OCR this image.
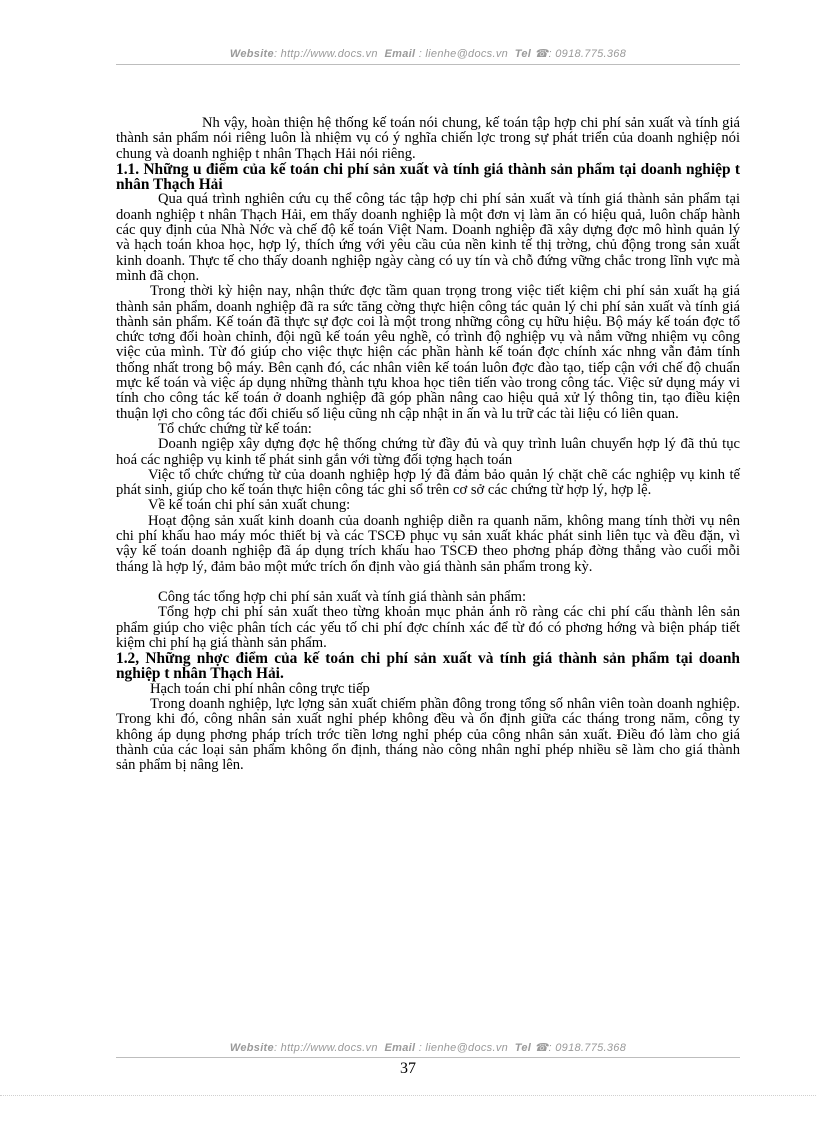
Website: http://www.docs.vn Email : lienhe@docs.vn Tel ☎: 0918.775.368

Nh vậy, hoàn thiện hệ thống kế toán nói chung, kế toán tập hợp chi phí sản xuất và tính giá thành sản phẩm nói riêng luôn là nhiệm vụ có ý nghĩa chiến lợc trong sự phát triển của doanh nghiệp nói chung và doanh nghiệp t nhân Thạch Hải nói riêng.

1.1. Những u điểm của kế toán chi phí sản xuất và tính giá thành sản phẩm tại doanh nghiệp t nhân Thạch Hải

Qua quá trình nghiên cứu cụ thể công tác tập hợp chi phí sản xuất và tính giá thành sản phẩm tại doanh nghiệp t nhân Thạch Hải, em thấy doanh nghiệp là một đơn vị làm ăn có hiệu quả, luôn chấp hành các quy định của Nhà Nớc và chế độ kế toán Việt Nam. Doanh nghiệp đã xây dựng đợc mô hình quản lý và hạch toán khoa học, hợp lý, thích ứng với yêu cầu của nền kinh tế thị trờng, chủ động trong sản xuất kinh doanh. Thực tế cho thấy doanh nghiệp ngày càng có uy tín và chỗ đứng vững chắc trong lĩnh vực mà mình đã chọn.

Trong thời kỳ hiện nay, nhận thức đợc tầm quan trọng trong việc tiết kiệm chi phí sản xuất hạ giá thành sản phẩm, doanh nghiệp đã ra sức tăng cờng thực hiện công tác quản lý chi phí sản xuất và tính giá thành sản phẩm. Kế toán đã thực sự đợc coi là một trong những công cụ hữu hiệu. Bộ máy kế toán đợc tổ chức tơng đối hoàn chỉnh, đội ngũ kế toán yêu nghề, có trình độ nghiệp vụ và nắm vững nhiệm vụ công việc của mình. Từ đó giúp cho việc thực hiện các phần hành kế toán đợc chính xác nhng vẫn đảm tính thống nhất trong bộ máy. Bên cạnh đó, các nhân viên kế toán luôn đợc đào tạo, tiếp cận với chế độ chuẩn mực kế toán và việc áp dụng những thành tựu khoa học tiên tiến vào trong công tác. Việc sử dụng máy vi tính cho công tác kế toán ở doanh nghiệp đã góp phần nâng cao hiệu quả xử lý thông tin, tạo điều kiện thuận lợi cho công tác đối chiếu số liệu cũng nh cập nhật in ấn và lu trữ các tài liệu có liên quan.

Tổ chức chứng từ kế toán:

Doanh ngiệp xây dựng đợc hệ thống chứng từ đầy đủ và quy trình luân chuyển hợp lý đã thủ tục hoá các nghiệp vụ kinh tế phát sinh gắn với từng đối tợng hạch toán

Việc tổ chức chứng từ của doanh nghiệp hợp lý đã đảm bảo quản lý chặt chẽ các nghiệp vụ kinh tế phát sinh, giúp cho kế toán thực hiện công tác ghi sổ trên cơ sở các chứng từ hợp lý, hợp lệ.

Về kế toán chi phí sản xuất chung:

Hoạt động sản xuất kinh doanh của doanh nghiệp diễn ra quanh năm, không mang tính thời vụ nên chi phí khấu hao máy móc thiết bị và các TSCĐ phục vụ sản xuất khác phát sinh liên tục và đều đặn, vì vậy kế toán doanh nghiệp đã áp dụng trích khấu hao TSCĐ theo phơng pháp đờng thẳng vào cuối mỗi tháng là hợp lý, đảm bảo một mức trích ổn định vào giá thành sản phẩm trong kỳ.

Công tác tổng hợp chi phí sản xuất và tính giá thành sản phẩm:

Tổng hợp chi phí sản xuất theo từng khoản mục phản ánh rõ ràng các chi phí cấu thành lên sản phẩm giúp cho việc phân tích các yếu tố chi phí đợc chính xác để từ đó có phơng hớng và biện pháp tiết kiệm chi phí hạ giá thành sản phẩm.

1.2, Những nhợc điểm của kế toán chi phí sản xuất và tính giá thành sản phẩm tại doanh nghiệp t nhân Thạch Hải.

Hạch toán chi phí nhân công trực tiếp

Trong doanh nghiệp, lực lợng sản xuất chiếm phần đông trong tổng số nhân viên toàn doanh nghiệp. Trong khi đó, công nhân sản xuất nghỉ phép không đều và ổn định giữa các tháng trong năm, công ty không áp dụng phơng pháp trích trớc tiền lơng nghỉ phép của công nhân sản xuất. Điều đó làm cho giá thành của các loại sản phẩm không ổn định, tháng nào công nhân nghỉ phép nhiều sẽ làm cho giá thành sản phẩm bị nâng lên.

Website: http://www.docs.vn Email : lienhe@docs.vn Tel ☎: 0918.775.368
37
